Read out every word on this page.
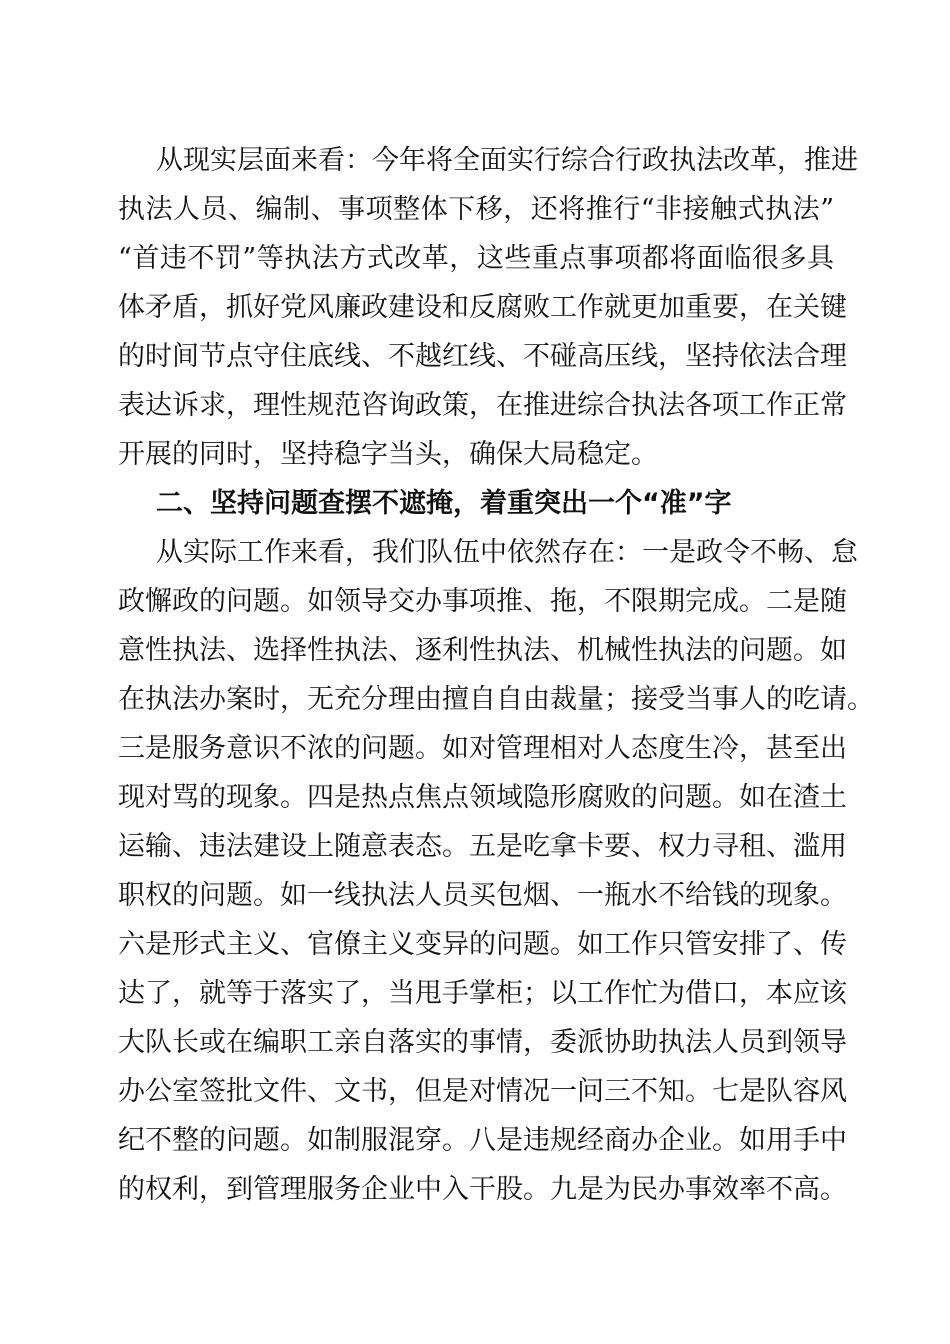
从现实层面来看：今年将全面实行综合行政执法改革，推进
执法人员、编制、事项整体下移，还将推行“非接触式执法”
“首违不罚”等执法方式改革，这些重点事项都将面临很多具
体矛盾，抓好党风廉政建设和反腐败工作就更加重要，在关键
的时间节点守住底线、不越红线、不碰高压线，坚持依法合理
表达诉求，理性规范咨询政策，在推进综合执法各项工作正常
开展的同时，坚持稳字当头，确保大局稳定。
二、坚持问题查摆不遮掩，着重突出一个“准”字
从实际工作来看，我们队伍中依然存在：一是政令不畅、怠
政懈政的问题。如领导交办事项推、拖，不限期完成。二是随
意性执法、选择性执法、逐利性执法、机械性执法的问题。如
在执法办案时，无充分理由擅自自由裁量；接受当事人的吃请。
三是服务意识不浓的问题。如对管理相对人态度生冷，甚至出
现对骂的现象。四是热点焦点领域隐形腐败的问题。如在渣土
运输、违法建设上随意表态。五是吃拿卡要、权力寻租、滥用
职权的问题。如一线执法人员买包烟、一瓶水不给钱的现象。
六是形式主义、官僚主义变异的问题。如工作只管安排了、传
达了，就等于落实了，当甩手掌柜；以工作忙为借口，本应该
大队长或在编职工亲自落实的事情，委派协助执法人员到领导
办公室签批文件、文书，但是对情况一问三不知。七是队容风
纪不整的问题。如制服混穿。八是违规经商办企业。如用手中
的权利，到管理服务企业中入干股。九是为民办事效率不高。
